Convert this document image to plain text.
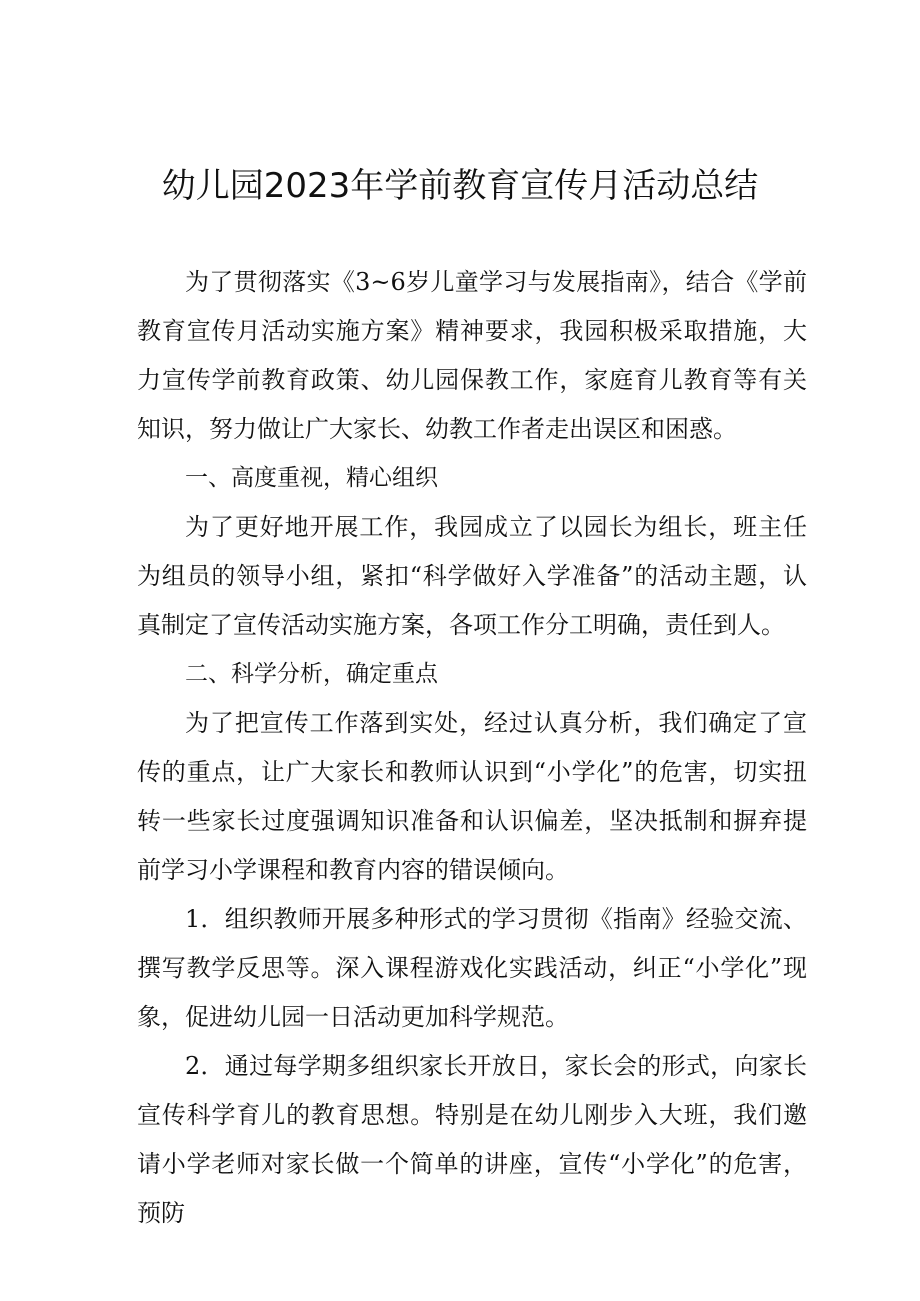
幼儿园2023年学前教育宣传月活动总结

为了贯彻落实《3~6岁儿童学习与发展指南》，结合《学前教育宣传月活动实施方案》精神要求，我园积极采取措施，大力宣传学前教育政策、幼儿园保教工作，家庭育儿教育等有关知识，努力做让广大家长、幼教工作者走出误区和困惑。

一、高度重视，精心组织

为了更好地开展工作，我园成立了以园长为组长，班主任为组员的领导小组，紧扣“科学做好入学准备”的活动主题，认真制定了宣传活动实施方案，各项工作分工明确，责任到人。

二、科学分析，确定重点

为了把宣传工作落到实处，经过认真分析，我们确定了宣传的重点，让广大家长和教师认识到“小学化”的危害，切实扭转一些家长过度强调知识准备和认识偏差，坚决抵制和摒弃提前学习小学课程和教育内容的错误倾向。

1．组织教师开展多种形式的学习贯彻《指南》经验交流、撰写教学反思等。深入课程游戏化实践活动，纠正“小学化”现象，促进幼儿园一日活动更加科学规范。

2．通过每学期多组织家长开放日，家长会的形式，向家长宣传科学育儿的教育思想。特别是在幼儿刚步入大班，我们邀请小学老师对家长做一个简单的讲座，宣传“小学化”的危害，预防
